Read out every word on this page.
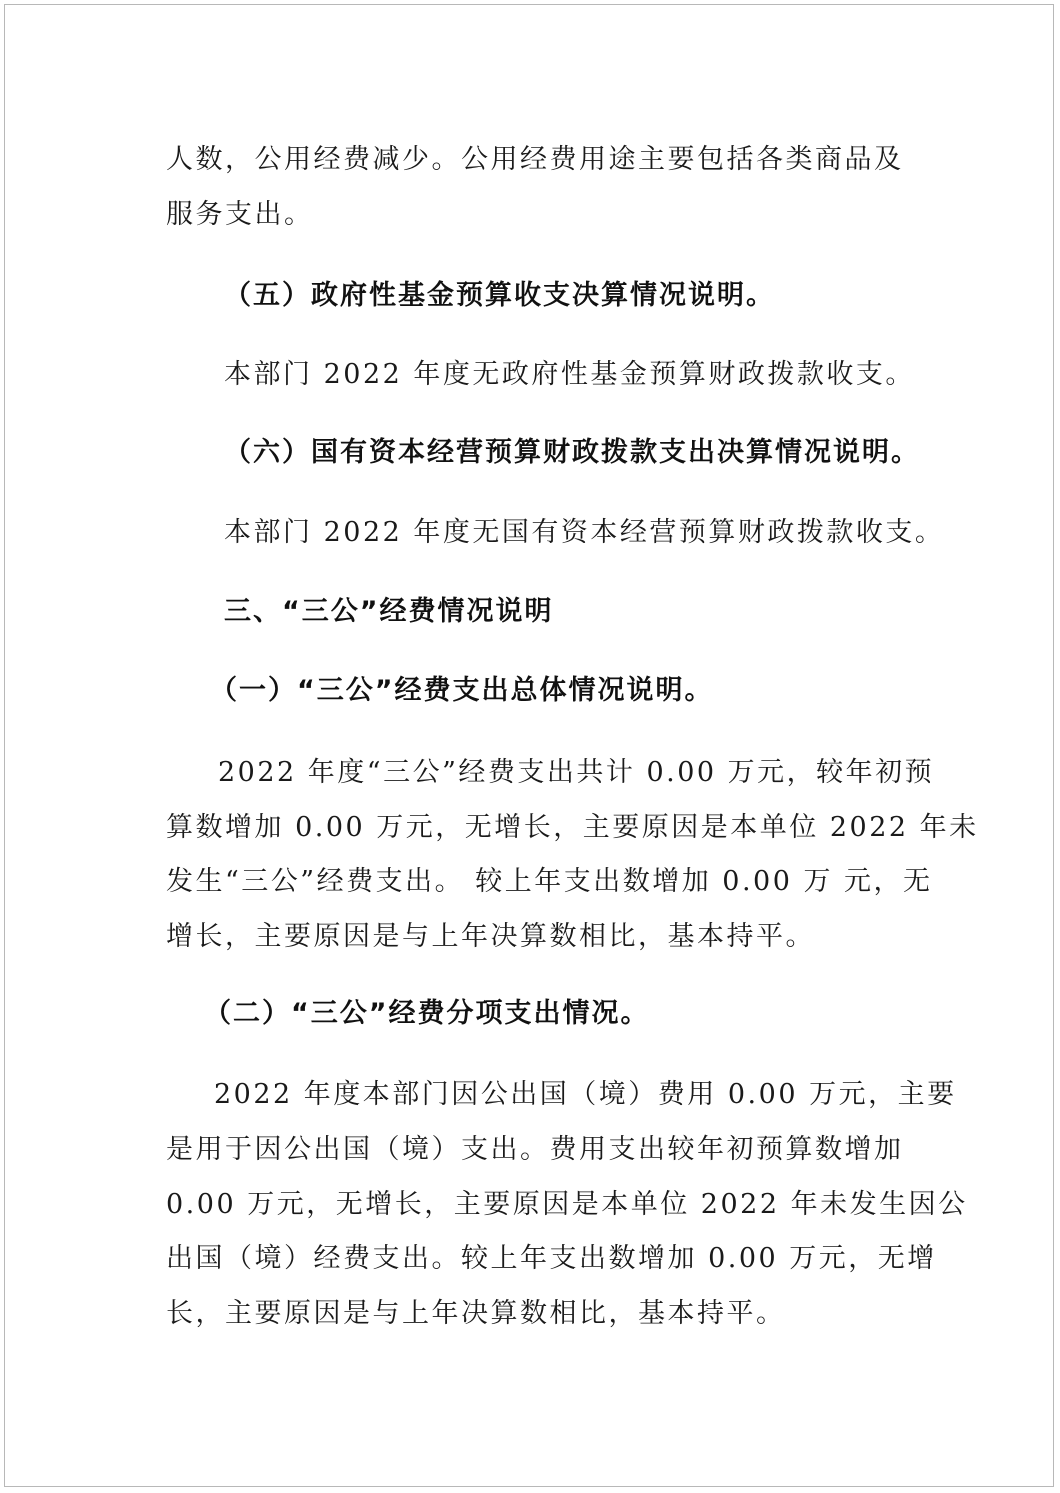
人数，公用经费减少。公用经费用途主要包括各类商品及
服务支出。
（五）政府性基金预算收支决算情况说明。
本部门 2022 年度无政府性基金预算财政拨款收支。
（六）国有资本经营预算财政拨款支出决算情况说明。
本部门 2022 年度无国有资本经营预算财政拨款收支。
三、“三公”经费情况说明
（一）“三公”经费支出总体情况说明。
2022 年度“三公”经费支出共计 0.00 万元，较年初预
算数增加 0.00 万元，无增长，主要原因是本单位 2022 年未
发生“三公”经费支出。 较上年支出数增加 0.00 万 元，无
增长，主要原因是与上年决算数相比，基本持平。
（二）“三公”经费分项支出情况。
2022 年度本部门因公出国（境）费用 0.00 万元，主要
是用于因公出国（境）支出。费用支出较年初预算数增加
0.00 万元，无增长，主要原因是本单位 2022 年未发生因公
出国（境）经费支出。较上年支出数增加 0.00 万元，无增
长，主要原因是与上年决算数相比，基本持平。
